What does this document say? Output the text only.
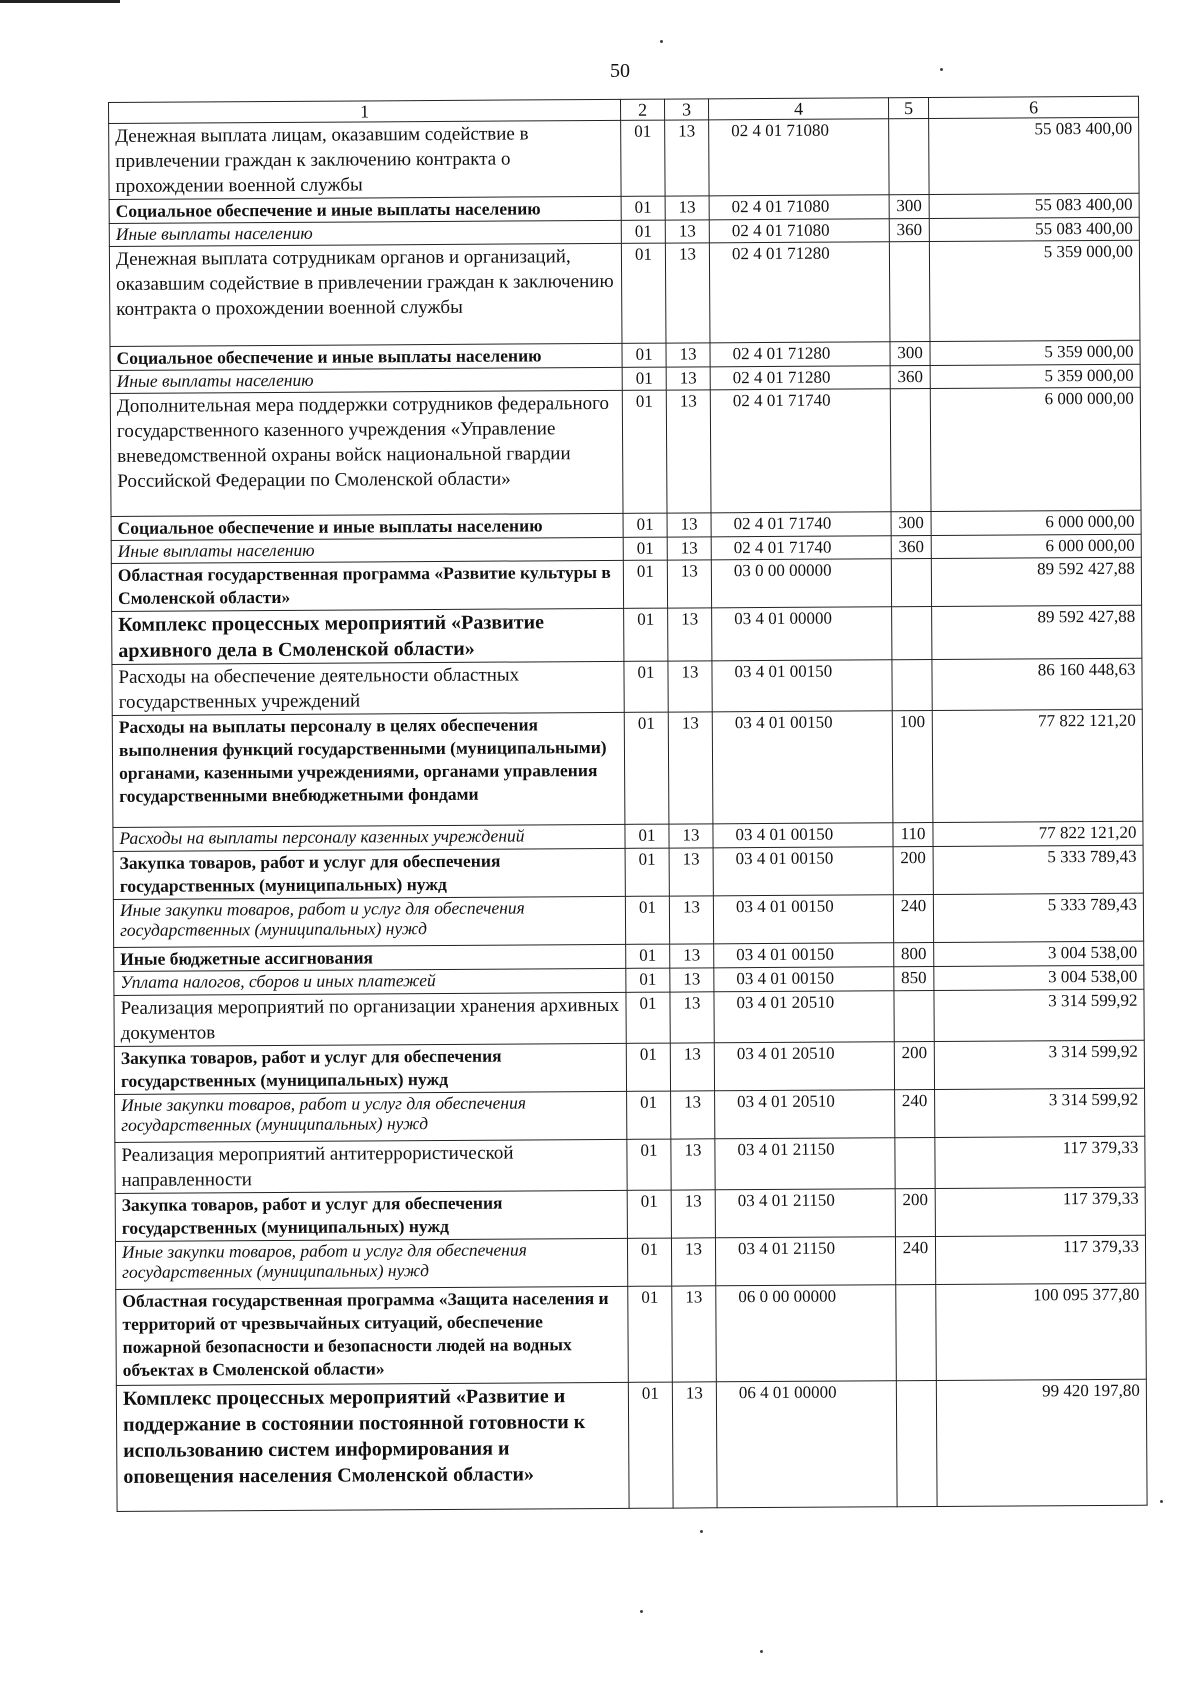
50
1	2	3	4	5	6
Денежная выплата лицам, оказавшим содействие в привлечении граждан к заключению контракта о прохождении военной службы	01	13	02 4 01 71080		55 083 400,00
Социальное обеспечение и иные выплаты населению	01	13	02 4 01 71080	300	55 083 400,00
Иные выплаты населению	01	13	02 4 01 71080	360	55 083 400,00
Денежная выплата сотрудникам органов и организаций, оказавшим содействие в привлечении граждан к заключению контракта о прохождении военной службы	01	13	02 4 01 71280		5 359 000,00
Социальное обеспечение и иные выплаты населению	01	13	02 4 01 71280	300	5 359 000,00
Иные выплаты населению	01	13	02 4 01 71280	360	5 359 000,00
Дополнительная мера поддержки сотрудников федерального государственного казенного учреждения «Управление вневедомственной охраны войск национальной гвардии Российской Федерации по Смоленской области»	01	13	02 4 01 71740		6 000 000,00
Социальное обеспечение и иные выплаты населению	01	13	02 4 01 71740	300	6 000 000,00
Иные выплаты населению	01	13	02 4 01 71740	360	6 000 000,00
Областная государственная программа «Развитие культуры в Смоленской области»	01	13	03 0 00 00000		89 592 427,88
Комплекс процессных мероприятий «Развитие архивного дела в Смоленской области»	01	13	03 4 01 00000		89 592 427,88
Расходы на обеспечение деятельности областных государственных учреждений	01	13	03 4 01 00150		86 160 448,63
Расходы на выплаты персоналу в целях обеспечения выполнения функций государственными (муниципальными) органами, казенными учреждениями, органами управления государственными внебюджетными фондами	01	13	03 4 01 00150	100	77 822 121,20
Расходы на выплаты персоналу казенных учреждений	01	13	03 4 01 00150	110	77 822 121,20
Закупка товаров, работ и услуг для обеспечения государственных (муниципальных) нужд	01	13	03 4 01 00150	200	5 333 789,43
Иные закупки товаров, работ и услуг для обеспечения государственных (муниципальных) нужд	01	13	03 4 01 00150	240	5 333 789,43
Иные бюджетные ассигнования	01	13	03 4 01 00150	800	3 004 538,00
Уплата налогов, сборов и иных платежей	01	13	03 4 01 00150	850	3 004 538,00
Реализация мероприятий по организации хранения архивных документов	01	13	03 4 01 20510		3 314 599,92
Закупка товаров, работ и услуг для обеспечения государственных (муниципальных) нужд	01	13	03 4 01 20510	200	3 314 599,92
Иные закупки товаров, работ и услуг для обеспечения государственных (муниципальных) нужд	01	13	03 4 01 20510	240	3 314 599,92
Реализация мероприятий антитеррористической направленности	01	13	03 4 01 21150		117 379,33
Закупка товаров, работ и услуг для обеспечения государственных (муниципальных) нужд	01	13	03 4 01 21150	200	117 379,33
Иные закупки товаров, работ и услуг для обеспечения государственных (муниципальных) нужд	01	13	03 4 01 21150	240	117 379,33
Областная государственная программа «Защита населения и территорий от чрезвычайных ситуаций, обеспечение пожарной безопасности и безопасности людей на водных объектах в Смоленской области»	01	13	06 0 00 00000		100 095 377,80
Комплекс процессных мероприятий «Развитие и поддержание в состоянии постоянной готовности к использованию систем информирования и оповещения населения Смоленской области»	01	13	06 4 01 00000		99 420 197,80
